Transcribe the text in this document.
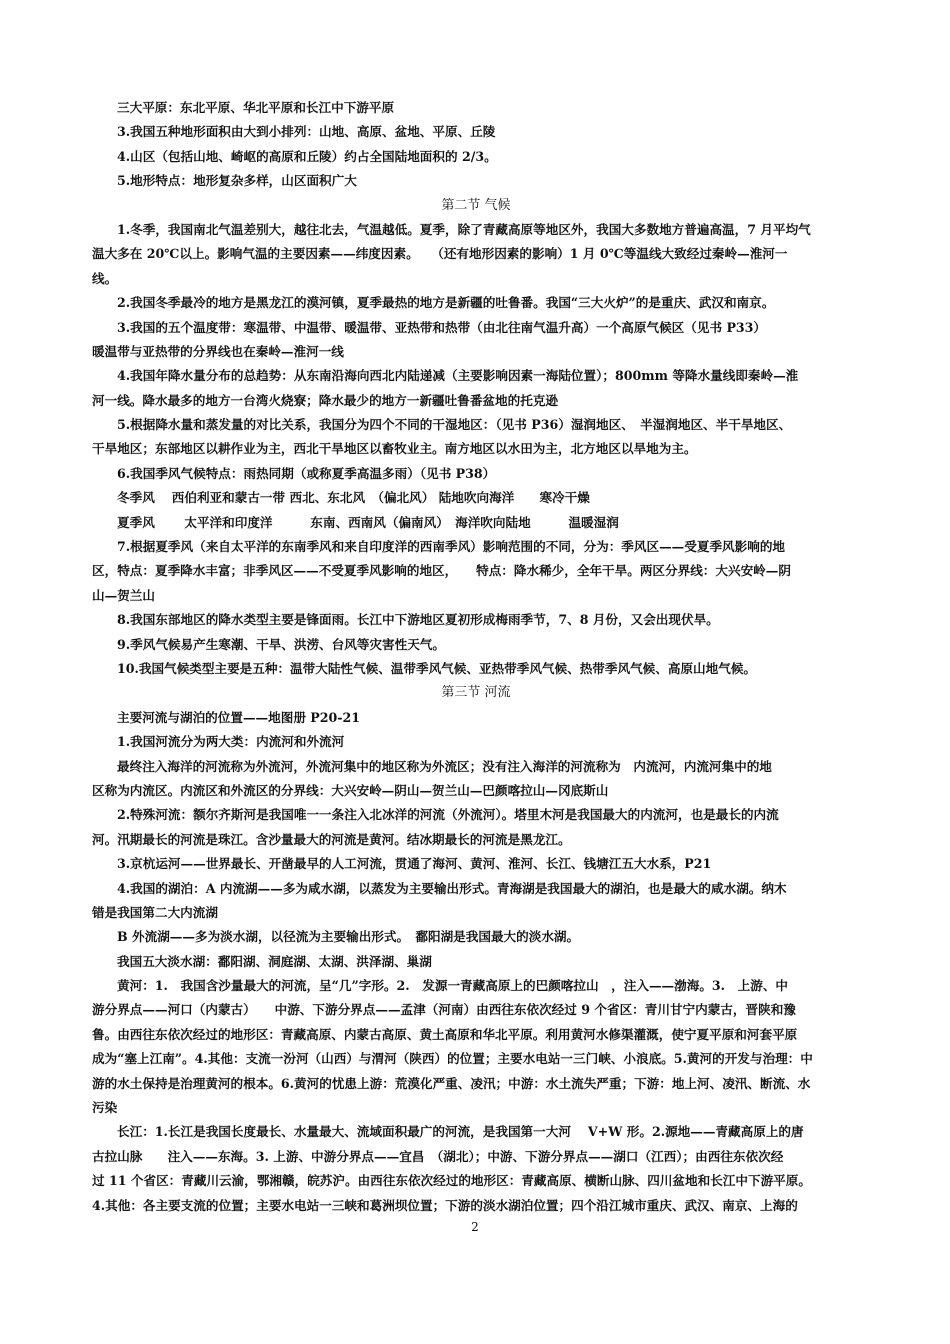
三大平原：东北平原、华北平原和长江中下游平原
3.我国五种地形面积由大到小排列：山地、高原、盆地、平原、丘陵
4.山区（包括山地、崎岖的高原和丘陵）约占全国陆地面积的 2/3。
5.地形特点：地形复杂多样，山区面积广大
第二节 气候
1.冬季，我国南北气温差别大，越往北去，气温越低。夏季，除了青藏高原等地区外，我国大多数地方普遍高温，7 月平均气
温大多在 20℃以上。影响气温的主要因素——纬度因素。　　（还有地形因素的影响）1 月 0℃等温线大致经过秦岭—淮河一
线。
2.我国冬季最冷的地方是黑龙江的漠河镇，夏季最热的地方是新疆的吐鲁番。我国“三大火炉”的是重庆、武汉和南京。
3.我国的五个温度带：寒温带、中温带、暖温带、亚热带和热带（由北往南气温升高）一个高原气候区（见书 P33）
暖温带与亚热带的分界线也在秦岭—淮河一线
4.我国年降水量分布的总趋势：从东南沿海向西北内陆递减（主要影响因素一海陆位置）；800mm 等降水量线即秦岭—淮
河一线。降水最多的地方一台湾火烧寮；降水最少的地方一新疆吐鲁番盆地的托克逊
5.根据降水量和蒸发量的对比关系，我国分为四个不同的干湿地区：（见书 P36）湿润地区、　半湿润地区、半干旱地区、
干旱地区；东部地区以耕作业为主，西北干旱地区以畜牧业主。南方地区以水田为主，北方地区以旱地为主。
6.我国季风气候特点：雨热同期（或称夏季高温多雨）（见书 P38）
冬季风　 西伯利亚和蒙古一带 西北、东北风　（偏北风） 陆地吹向海洋　　寒冷干燥
夏季风　　 太平洋和印度洋　　　东南、西南风（偏南风）　海洋吹向陆地　　　温暖湿润
7.根据夏季风（来自太平洋的东南季风和来自印度洋的西南季风）影响范围的不同，分为：季风区——受夏季风影响的地
区，特点：夏季降水丰富；非季风区——不受夏季风影响的地区，　　特点：降水稀少，全年干旱。两区分界线：大兴安岭—阴
山—贺兰山
8.我国东部地区的降水类型主要是锋面雨。长江中下游地区夏初形成梅雨季节，7、8 月份，又会出现伏旱。
9.季风气候易产生寒潮、干旱、洪涝、台风等灾害性天气。
10.我国气候类型主要是五种：温带大陆性气候、温带季风气候、亚热带季风气候、热带季风气候、高原山地气候。
第三节 河流
主要河流与湖泊的位置——地图册 P20-21
1.我国河流分为两大类：内流河和外流河
最终注入海洋的河流称为外流河，外流河集中的地区称为外流区；没有注入海洋的河流称为　内流河，内流河集中的地
区称为内流区。内流区和外流区的分界线：大兴安岭—阴山—贺兰山—巴颜喀拉山—冈底斯山
2.特殊河流：额尔齐斯河是我国唯一一条注入北冰洋的河流（外流河）。塔里木河是我国最大的内流河，也是最长的内流
河。汛期最长的河流是珠江。含沙量最大的河流是黄河。结冰期最长的河流是黑龙江。
3.京杭运河——世界最长、开凿最早的人工河流，贯通了海河、黄河、淮河、长江、钱塘江五大水系，P21
4.我国的湖泊：A 内流湖——多为咸水湖，以蒸发为主要输出形式。青海湖是我国最大的湖泊，也是最大的咸水湖。纳木
错是我国第二大内流湖
B 外流湖——多为淡水湖，以径流为主要输出形式。　鄱阳湖是我国最大的淡水湖。
我国五大淡水湖：鄱阳湖、洞庭湖、太湖、洪泽湖、巢湖
黄河：1.　我国含沙量最大的河流，呈“几”字形。2.　发源一青藏高原上的巴颜喀拉山　，注入——渤海。3.　上游、中
游分界点——河口（内蒙古）　　中游、下游分界点——孟津（河南）由西往东依次经过 9 个省区：青川甘宁内蒙古，晋陕和豫
鲁。由西往东依次经过的地形区：青藏高原、内蒙古高原、黄土高原和华北平原。利用黄河水修渠灌溉，使宁夏平原和河套平原
成为“塞上江南”。4.其他：支流一汾河（山西）与渭河（陕西）的位置；主要水电站一三门峡、小浪底。5.黄河的开发与治理：中
游的水土保持是治理黄河的根本。6.黄河的忧患上游：荒漠化严重、凌汛；中游：水土流失严重；下游：地上河、凌汛、断流、水
污染
长江：1.长江是我国长度最长、水量最大、流域面积最广的河流，是我国第一大河　 V+W 形。2.源地——青藏高原上的唐
古拉山脉　　注入——东海。3. 上游、中游分界点——宜昌　（湖北）；中游、下游分界点——湖口（江西）；由西往东依次经
过 11 个省区：青藏川云渝，鄂湘赣，皖苏沪。由西往东依次经过的地形区：青藏高原、横断山脉、四川盆地和长江中下游平原。
4.其他：各主要支流的位置；主要水电站一三峡和葛洲坝位置；下游的淡水湖泊位置；四个沿江城市重庆、武汉、南京、上海的
2
